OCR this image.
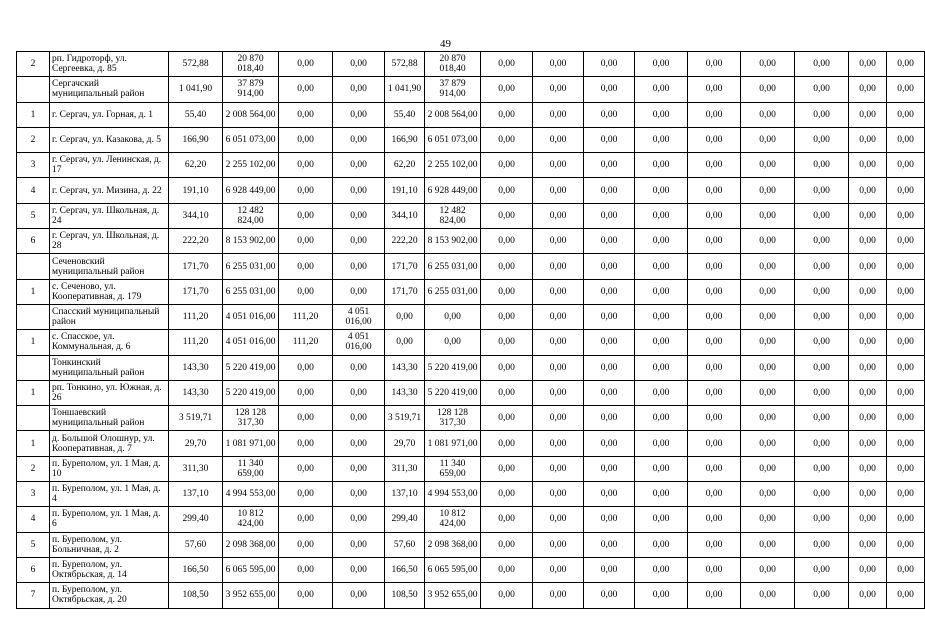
49
2	рп. Гидроторф, ул. Сергеевка, д. 85	572,88	20 870 018,40	0,00	0,00	572,88	20 870 018,40	0,00	0,00	0,00	0,00	0,00	0,00	0,00	0,00	0,00
	Сергачский муниципальный район	1 041,90	37 879 914,00	0,00	0,00	1 041,90	37 879 914,00	0,00	0,00	0,00	0,00	0,00	0,00	0,00	0,00	0,00
1	г. Сергач, ул. Горная, д. 1	55,40	2 008 564,00	0,00	0,00	55,40	2 008 564,00	0,00	0,00	0,00	0,00	0,00	0,00	0,00	0,00	0,00
2	г. Сергач, ул. Казакова, д. 5	166,90	6 051 073,00	0,00	0,00	166,90	6 051 073,00	0,00	0,00	0,00	0,00	0,00	0,00	0,00	0,00	0,00
3	г. Сергач, ул. Ленинская, д. 17	62,20	2 255 102,00	0,00	0,00	62,20	2 255 102,00	0,00	0,00	0,00	0,00	0,00	0,00	0,00	0,00	0,00
4	г. Сергач, ул. Мизина, д. 22	191,10	6 928 449,00	0,00	0,00	191,10	6 928 449,00	0,00	0,00	0,00	0,00	0,00	0,00	0,00	0,00	0,00
5	г. Сергач, ул. Школьная, д. 24	344,10	12 482 824,00	0,00	0,00	344,10	12 482 824,00	0,00	0,00	0,00	0,00	0,00	0,00	0,00	0,00	0,00
6	г. Сергач, ул. Школьная, д. 28	222,20	8 153 902,00	0,00	0,00	222,20	8 153 902,00	0,00	0,00	0,00	0,00	0,00	0,00	0,00	0,00	0,00
	Сеченовский муниципальный район	171,70	6 255 031,00	0,00	0,00	171,70	6 255 031,00	0,00	0,00	0,00	0,00	0,00	0,00	0,00	0,00	0,00
1	с. Сеченово, ул. Кооперативная, д. 179	171,70	6 255 031,00	0,00	0,00	171,70	6 255 031,00	0,00	0,00	0,00	0,00	0,00	0,00	0,00	0,00	0,00
	Спасский муниципальный район	111,20	4 051 016,00	111,20	4 051 016,00	0,00	0,00	0,00	0,00	0,00	0,00	0,00	0,00	0,00	0,00	0,00
1	с. Спасское, ул. Коммунальная, д. 6	111,20	4 051 016,00	111,20	4 051 016,00	0,00	0,00	0,00	0,00	0,00	0,00	0,00	0,00	0,00	0,00	0,00
	Тонкинский муниципальный район	143,30	5 220 419,00	0,00	0,00	143,30	5 220 419,00	0,00	0,00	0,00	0,00	0,00	0,00	0,00	0,00	0,00
1	рп. Тонкино, ул. Южная, д. 26	143,30	5 220 419,00	0,00	0,00	143,30	5 220 419,00	0,00	0,00	0,00	0,00	0,00	0,00	0,00	0,00	0,00
	Тоншаевский муниципальный район	3 519,71	128 128 317,30	0,00	0,00	3 519,71	128 128 317,30	0,00	0,00	0,00	0,00	0,00	0,00	0,00	0,00	0,00
1	д. Большой Олошнур, ул. Кооперативная, д. 7	29,70	1 081 971,00	0,00	0,00	29,70	1 081 971,00	0,00	0,00	0,00	0,00	0,00	0,00	0,00	0,00	0,00
2	п. Буреполом, ул. 1 Мая, д. 10	311,30	11 340 659,00	0,00	0,00	311,30	11 340 659,00	0,00	0,00	0,00	0,00	0,00	0,00	0,00	0,00	0,00
3	п. Буреполом, ул. 1 Мая, д. 4	137,10	4 994 553,00	0,00	0,00	137,10	4 994 553,00	0,00	0,00	0,00	0,00	0,00	0,00	0,00	0,00	0,00
4	п. Буреполом, ул. 1 Мая, д. 6	299,40	10 812 424,00	0,00	0,00	299,40	10 812 424,00	0,00	0,00	0,00	0,00	0,00	0,00	0,00	0,00	0,00
5	п. Буреполом, ул. Больничная, д. 2	57,60	2 098 368,00	0,00	0,00	57,60	2 098 368,00	0,00	0,00	0,00	0,00	0,00	0,00	0,00	0,00	0,00
6	п. Буреполом, ул. Октябрьская, д. 14	166,50	6 065 595,00	0,00	0,00	166,50	6 065 595,00	0,00	0,00	0,00	0,00	0,00	0,00	0,00	0,00	0,00
7	п. Буреполом, ул. Октябрьская, д. 20	108,50	3 952 655,00	0,00	0,00	108,50	3 952 655,00	0,00	0,00	0,00	0,00	0,00	0,00	0,00	0,00	0,00
